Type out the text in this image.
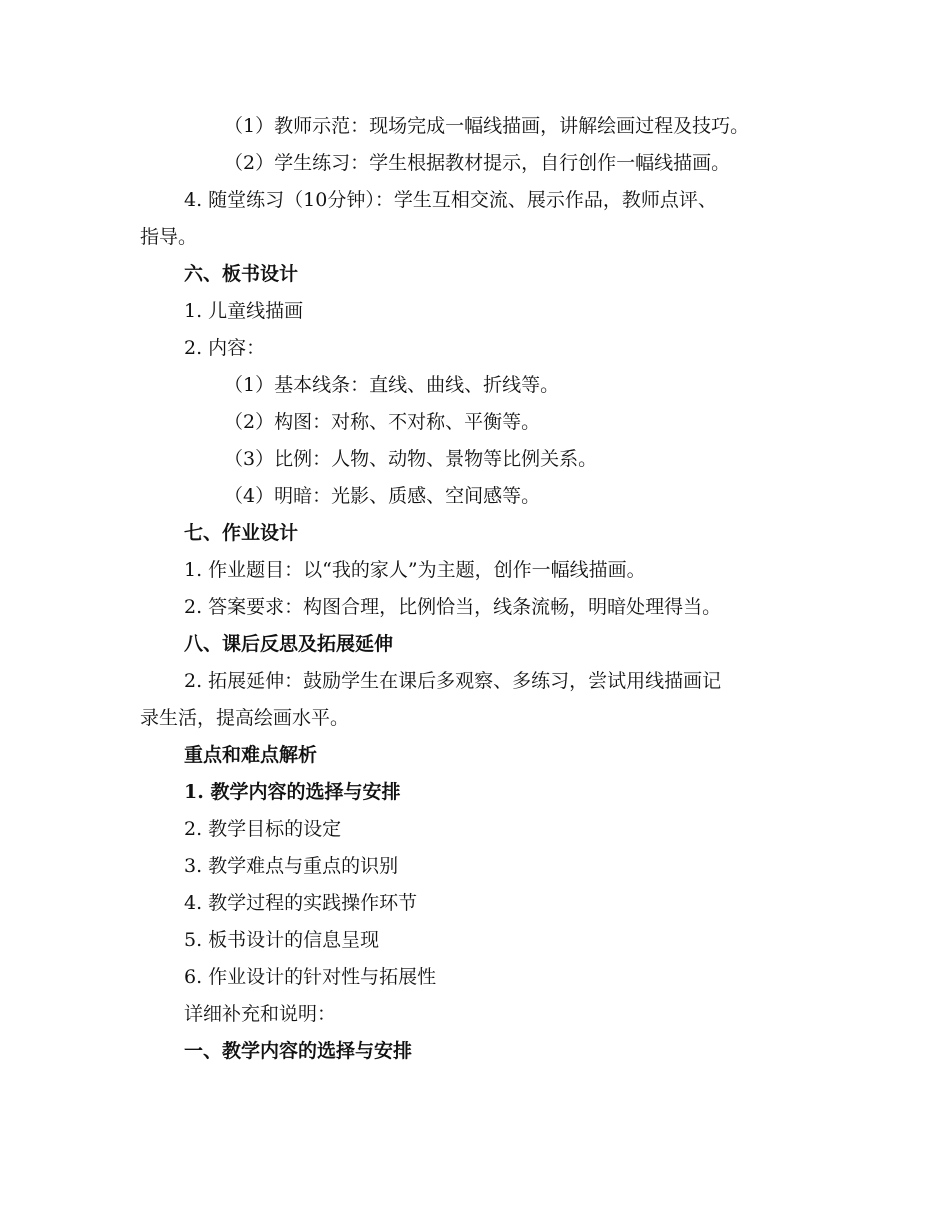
（1）教师示范：现场完成一幅线描画，讲解绘画过程及技巧。
（2）学生练习：学生根据教材提示，自行创作一幅线描画。
4. 随堂练习（10分钟）：学生互相交流、展示作品，教师点评、
指导。
六、板书设计
1. 儿童线描画
2. 内容：
（1）基本线条：直线、曲线、折线等。
（2）构图：对称、不对称、平衡等。
（3）比例：人物、动物、景物等比例关系。
（4）明暗：光影、质感、空间感等。
七、作业设计
1. 作业题目：以“我的家人”为主题，创作一幅线描画。
2. 答案要求：构图合理，比例恰当，线条流畅，明暗处理得当。
八、课后反思及拓展延伸
2. 拓展延伸：鼓励学生在课后多观察、多练习，尝试用线描画记
录生活，提高绘画水平。
重点和难点解析
1. 教学内容的选择与安排
2. 教学目标的设定
3. 教学难点与重点的识别
4. 教学过程的实践操作环节
5. 板书设计的信息呈现
6. 作业设计的针对性与拓展性
详细补充和说明：
一、教学内容的选择与安排
